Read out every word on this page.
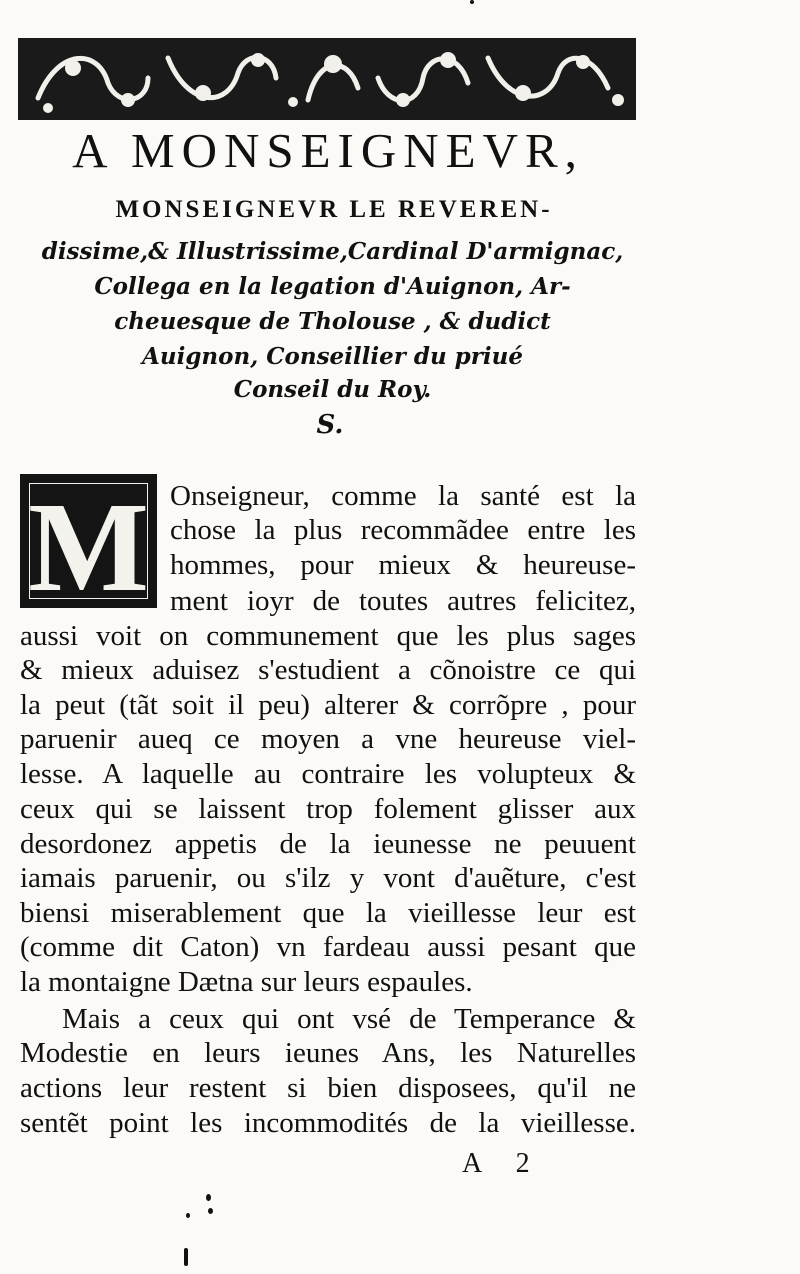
A MONSEIGNEVR,
MONSEIGNEVR LE REVEREN-
dissime,& Illustrissime,Cardinal D'armignac,
Collega en la legation d'Auignon, Ar-
cheuesque de Tholouse , & dudict
Auignon, Conseillier du priué
Conseil du Roy.
S.
M Onseigneur, comme la santé est la
chose la plus recommãdee entre les
hommes, pour mieux & heureuse-
ment ioyr de toutes autres felicitez,
aussi voit on communement que les plus sages
& mieux aduisez s'estudient a cõnoistre ce qui
la peut (tãt soit il peu) alterer & corrõpre , pour
paruenir aueq ce moyen a vne heureuse viel-
lesse. A laquelle au contraire les volupteux &
ceux qui se laissent trop folement glisser aux
desordonez appetis de la ieunesse ne peuuent
iamais paruenir, ou s'ilz y vont d'auẽture, c'est
biensi miserablement que la vieillesse leur est
(comme dit Caton) vn fardeau aussi pesant que
la montaigne Dætna sur leurs espaules.
Mais a ceux qui ont vsé de Temperance &
Modestie en leurs ieunes Ans, les Naturelles
actions leur restent si bien disposees, qu'il ne
sentẽt point les incommodités de la vieillesse.
A 2
